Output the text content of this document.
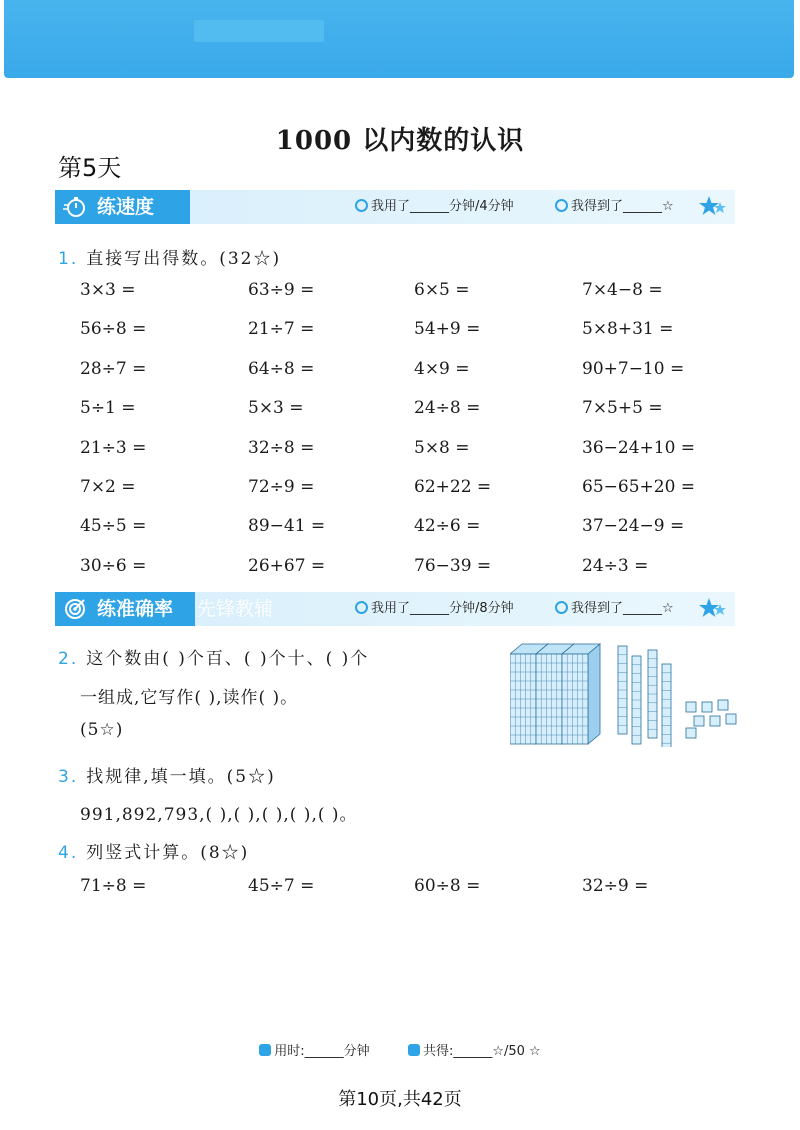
1000 以内数的认识
第5天
练速度	我用了______分钟/4分钟	我得到了______☆
1. 直接写出得数。(32☆)
3×3 =	63÷9 =	6×5 =	7×4−8 =
56÷8 =	21÷7 =	54+9 =	5×8+31 =
28÷7 =	64÷8 =	4×9 =	90+7−10 =
5÷1 =	5×3 =	24÷8 =	7×5+5 =
21÷3 =	32÷8 =	5×8 =	36−24+10 =
7×2 =	72÷9 =	62+22 =	65−65+20 =
45÷5 =	89−41 =	42÷6 =	37−24−9 =
30÷6 =	26+67 =	76−39 =	24÷3 =
练准确率	先锋教辅	我用了______分钟/8分钟	我得到了______☆
2. 这个数由( )个百、( )个十、( )个
一组成,它写作( ),读作( )。
(5☆)
3. 找规律,填一填。(5☆)
991,892,793,( ),( ),( ),( ),( )。
4. 列竖式计算。(8☆)
71÷8 =	45÷7 =	60÷8 =	32÷9 =
用时:______分钟	共得:______☆/50 ☆
第10页,共42页
